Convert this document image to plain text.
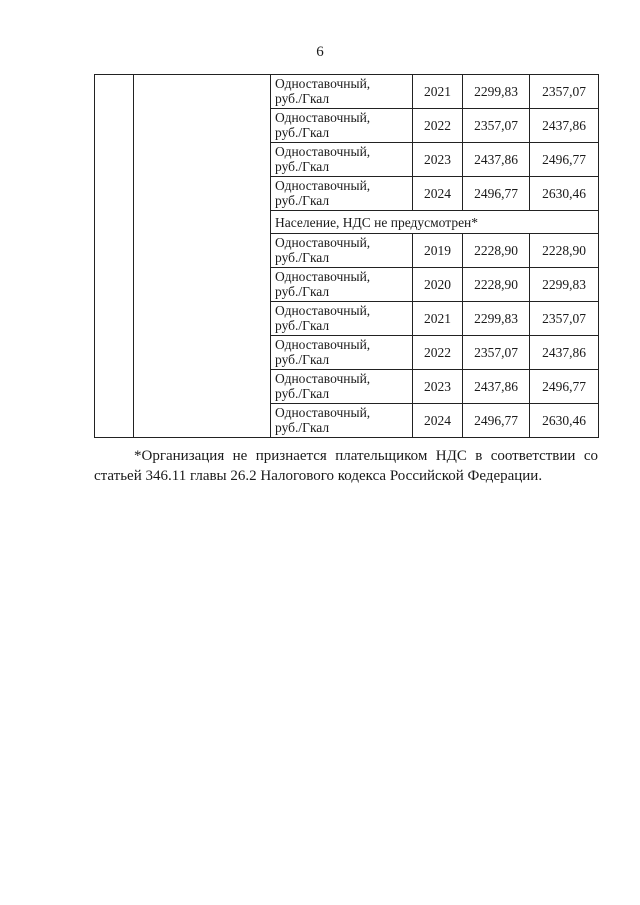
6

		Одноставочный,
руб./Гкал	2021	2299,83	2357,07

		Одноставочный,
руб./Гкал	2022	2357,07	2437,86

		Одноставочный,
руб./Гкал	2023	2437,86	2496,77

		Одноставочный,
руб./Гкал	2024	2496,77	2630,46
		Население, НДС не предусмотрен*			

		Одноставочный,
руб./Гкал	2019	2228,90	2228,90

		Одноставочный,
руб./Гкал	2020	2228,90	2299,83

		Одноставочный,
руб./Гкал	2021	2299,83	2357,07

		Одноставочный,
руб./Гкал	2022	2357,07	2437,86

		Одноставочный,
руб./Гкал	2023	2437,86	2496,77

		Одноставочный,
руб./Гкал	2024	2496,77	2630,46
*Организация не признается плательщиком НДС в соответствии со статьей 346.11 главы 26.2 Налогового кодекса Российской Федерации.
